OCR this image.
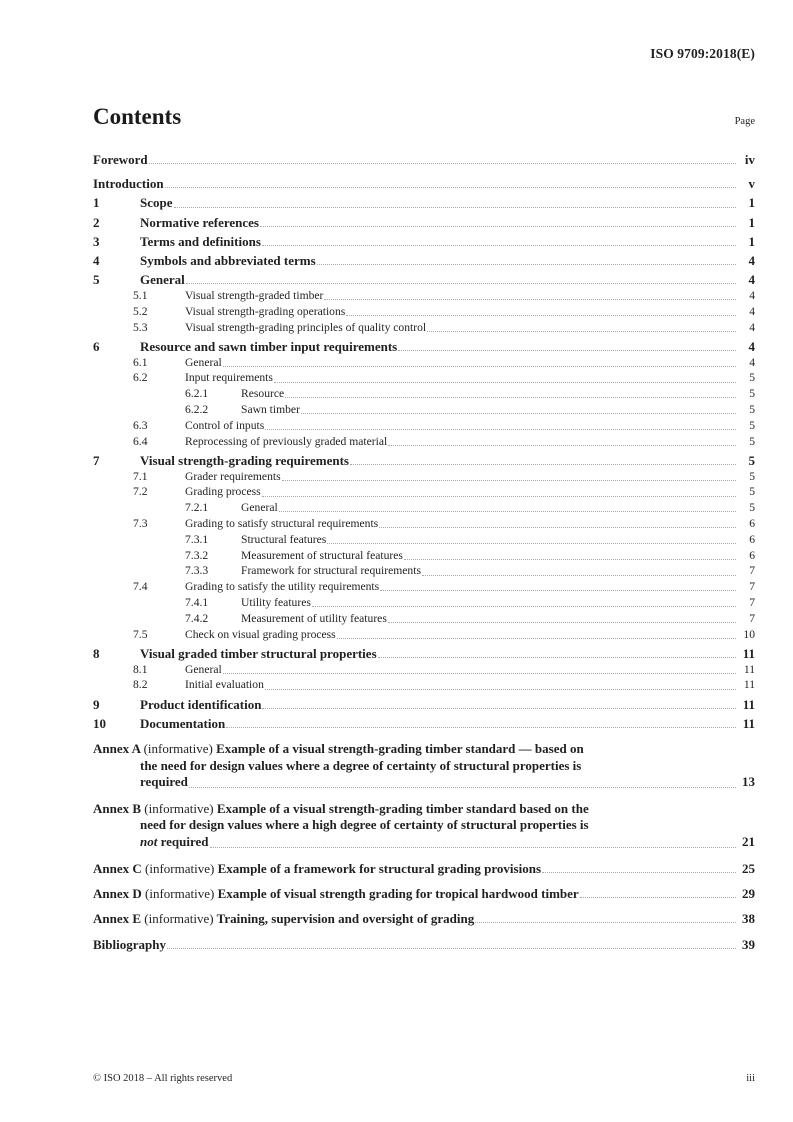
ISO 9709:2018(E)
Contents	Page
Foreword	iv
Introduction	v
1	Scope	1
2	Normative references	1
3	Terms and definitions	1
4	Symbols and abbreviated terms	4
5	General	4
5.1	Visual strength-graded timber	4
5.2	Visual strength-grading operations	4
5.3	Visual strength-grading principles of quality control	4
6	Resource and sawn timber input requirements	4
6.1	General	4
6.2	Input requirements	5
6.2.1	Resource	5
6.2.2	Sawn timber	5
6.3	Control of inputs	5
6.4	Reprocessing of previously graded material	5
7	Visual strength-grading requirements	5
7.1	Grader requirements	5
7.2	Grading process	5
7.2.1	General	5
7.3	Grading to satisfy structural requirements	6
7.3.1	Structural features	6
7.3.2	Measurement of structural features	6
7.3.3	Framework for structural requirements	7
7.4	Grading to satisfy the utility requirements	7
7.4.1	Utility features	7
7.4.2	Measurement of utility features	7
7.5	Check on visual grading process	10
8	Visual graded timber structural properties	11
8.1	General	11
8.2	Initial evaluation	11
9	Product identification	11
10	Documentation	11

Annex A (informative) Example of a visual strength-grading timber standard — based on
the need for design values where a degree of certainty of structural properties is

required	13

Annex B (informative) Example of a visual strength-grading timber standard based on the
need for design values where a high degree of certainty of structural properties is

not required	21
Annex C (informative) Example of a framework for structural grading provisions	25
Annex D (informative) Example of visual strength grading for tropical hardwood timber	29
Annex E (informative) Training, supervision and oversight of grading	38
Bibliography	39
© ISO 2018 – All rights reserved	iii
